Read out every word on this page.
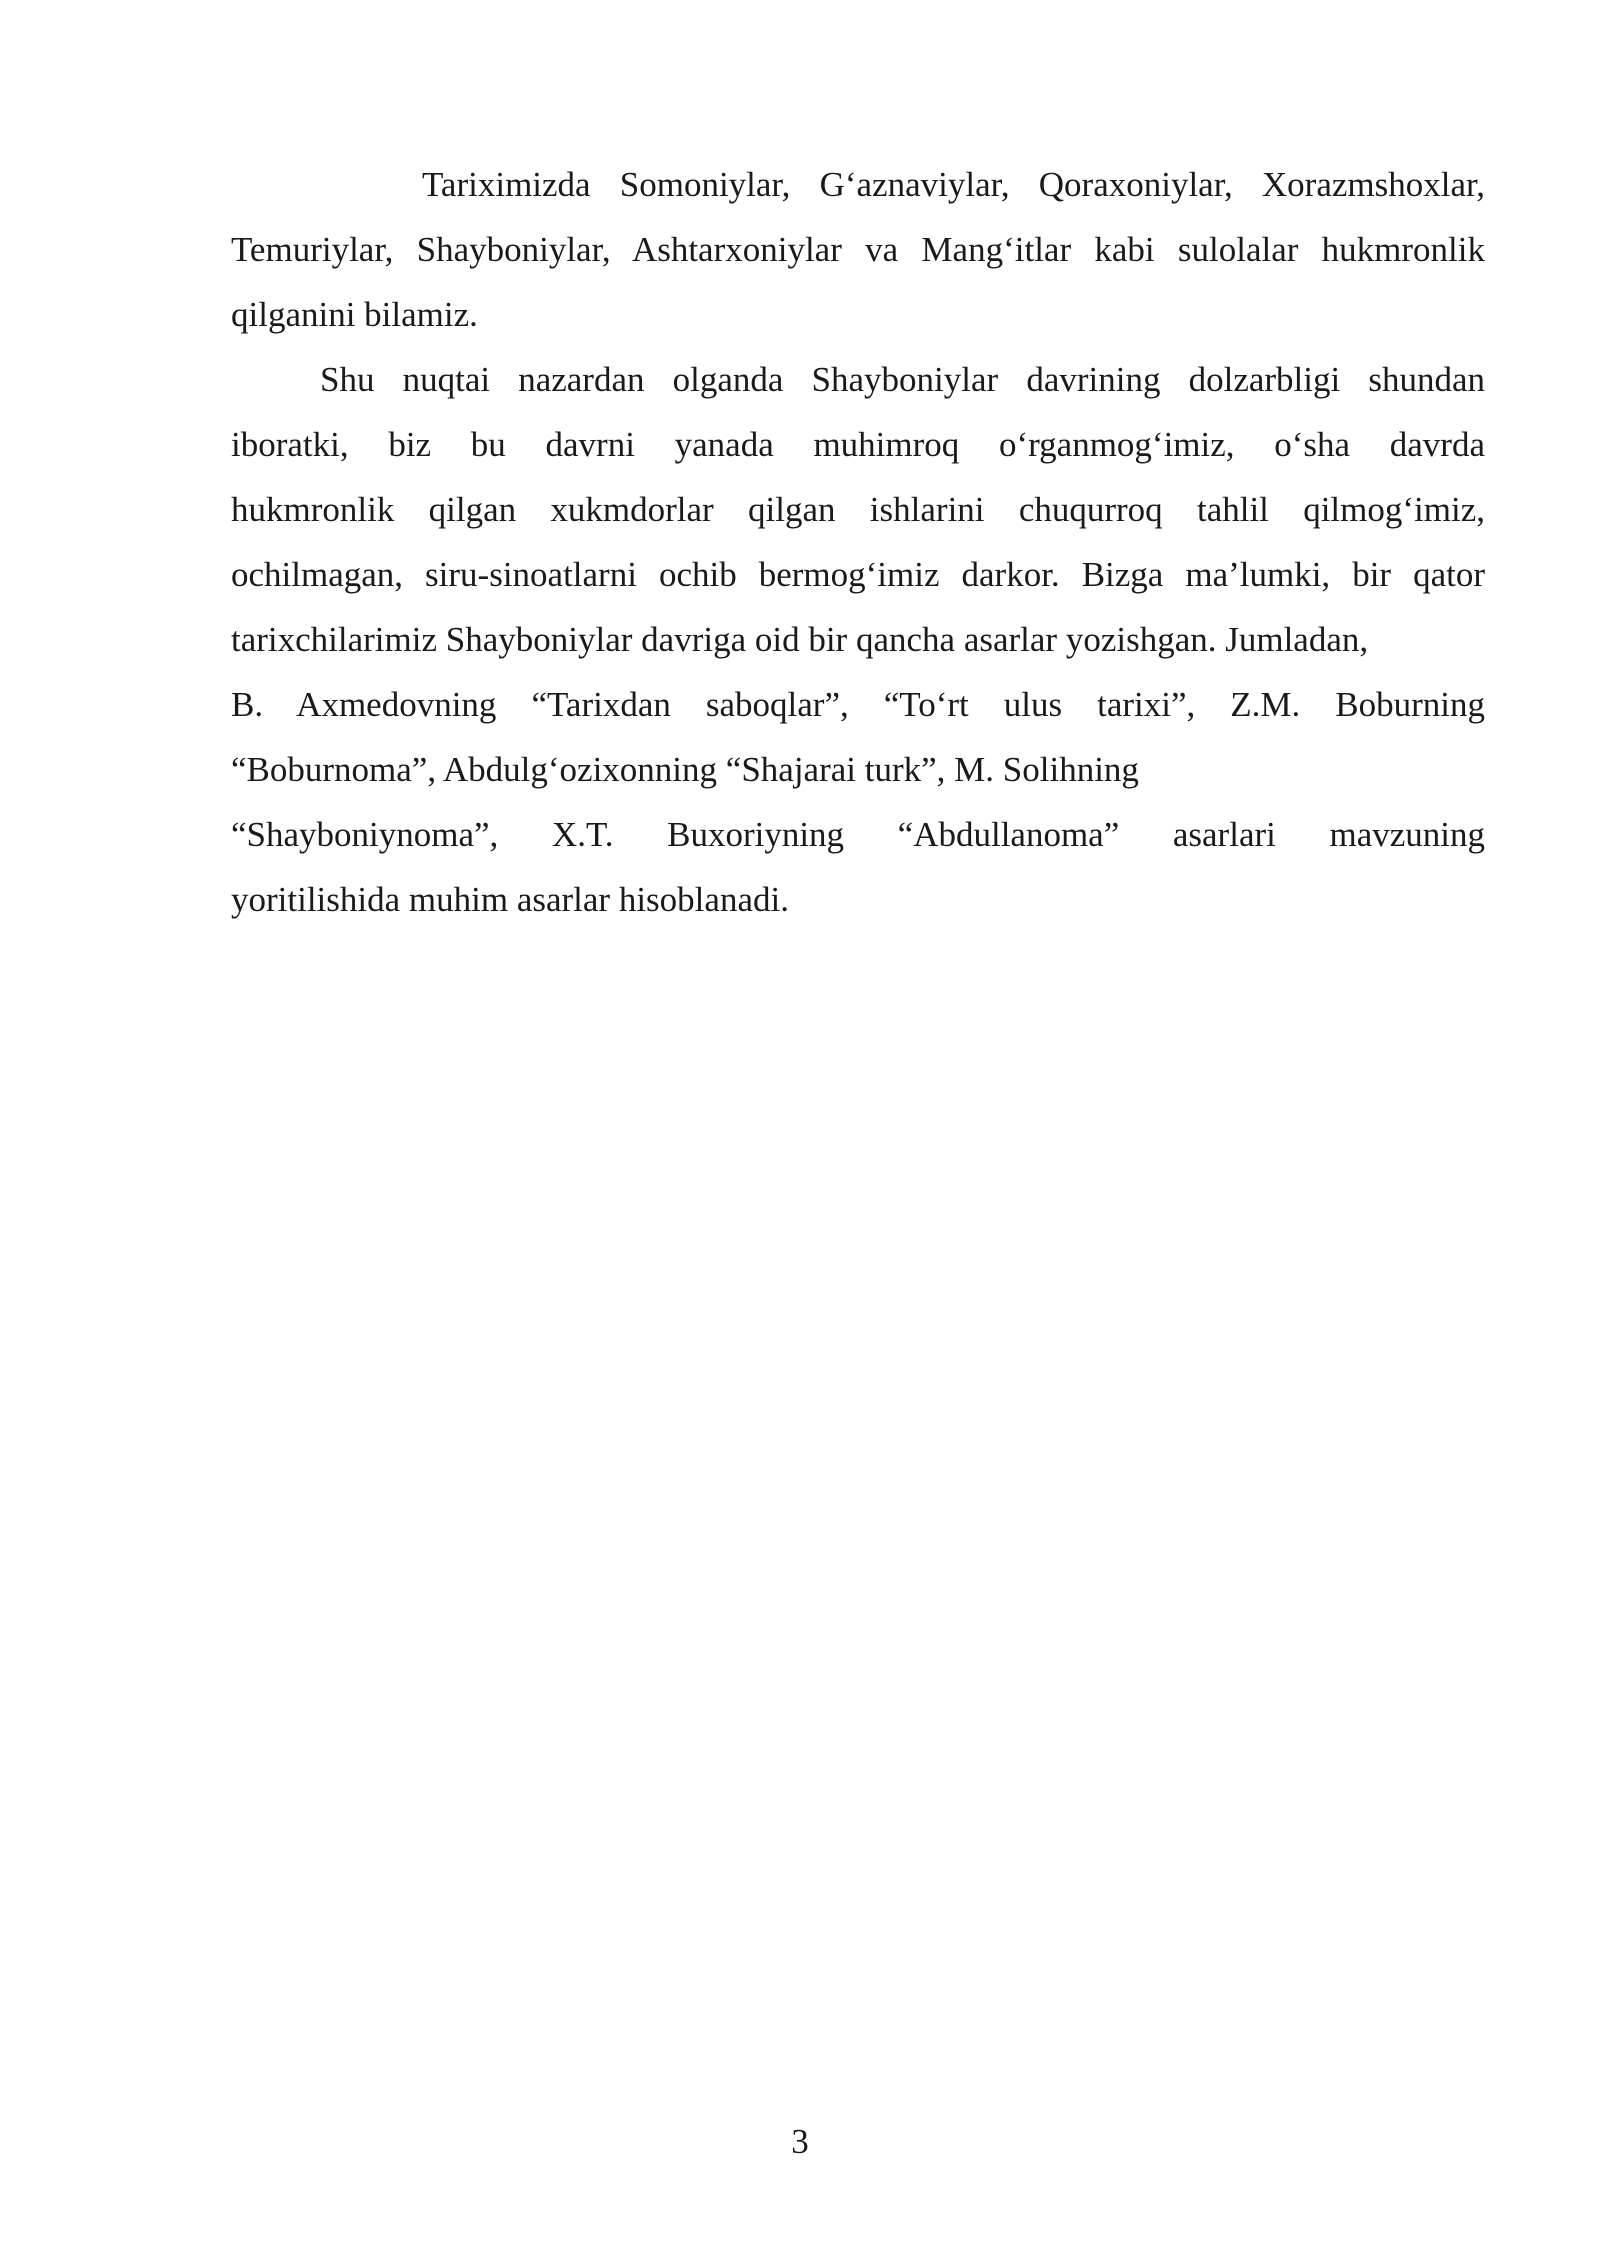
Tariximizda Somoniylar, G‘aznaviylar, Qoraxoniylar, Xorazmshoxlar,
Temuriylar, Shayboniylar, Ashtarxoniylar va Mang‘itlar kabi sulolalar hukmronlik
qilganini bilamiz.
Shu nuqtai nazardan olganda Shayboniylar davrining dolzarbligi shundan
iboratki, biz bu davrni yanada muhimroq o‘rganmog‘imiz, o‘sha davrda
hukmronlik qilgan xukmdorlar qilgan ishlarini chuqurroq tahlil qilmog‘imiz,
ochilmagan, siru-sinoatlarni ochib bermog‘imiz darkor. Bizga ma’lumki, bir qator
tarixchilarimiz Shayboniylar davriga oid bir qancha asarlar yozishgan. Jumladan,
B. Axmedovning “Tarixdan saboqlar”, “To‘rt ulus tarixi”, Z.M. Boburning
“Boburnoma”, Abdulg‘ozixonning “Shajarai turk”, M. Solihning
“Shayboniynoma”, X.T. Buxoriyning “Abdullanoma” asarlari mavzuning
yoritilishida muhim asarlar hisoblanadi.
3
